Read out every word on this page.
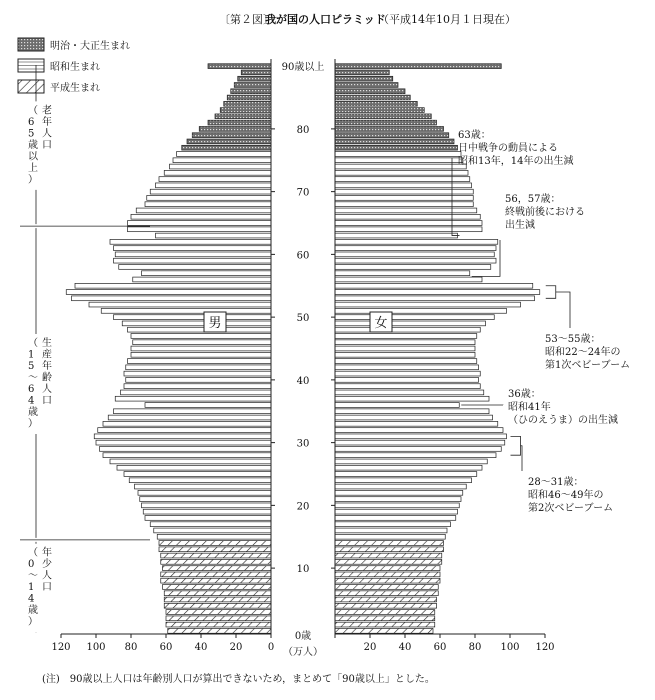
〔第２図〕
我が国の人口ピラミッド
（平成14年10月１日現在）
明治・大正生まれ
昭和生まれ
平成生まれ
老年人口
（ 6 5 歳以上）
生産年齢人口
（ 1 5 ～ 6 4 歳）
年少人口
（ 0 ～ 1 4 歳）
120	120
100	100
80	80
60	60
40	40
20	20
0
10
20
30
40
50
60
70
80
90歳以上
0歳
（万人）
男	女
63歳：日中戦争の動員による昭和13年，14年の出生減
56，57歳：終戦前後における出生減
53～55歳：昭和22～24年の第1次ベビーブーム
36歳：昭和41年（ひのえうま）の出生減
28～31歳：昭和46～49年の第2次ベビーブーム
(注)　90歳以上人口は年齢別人口が算出できないため，まとめて「90歳以上」とした。
